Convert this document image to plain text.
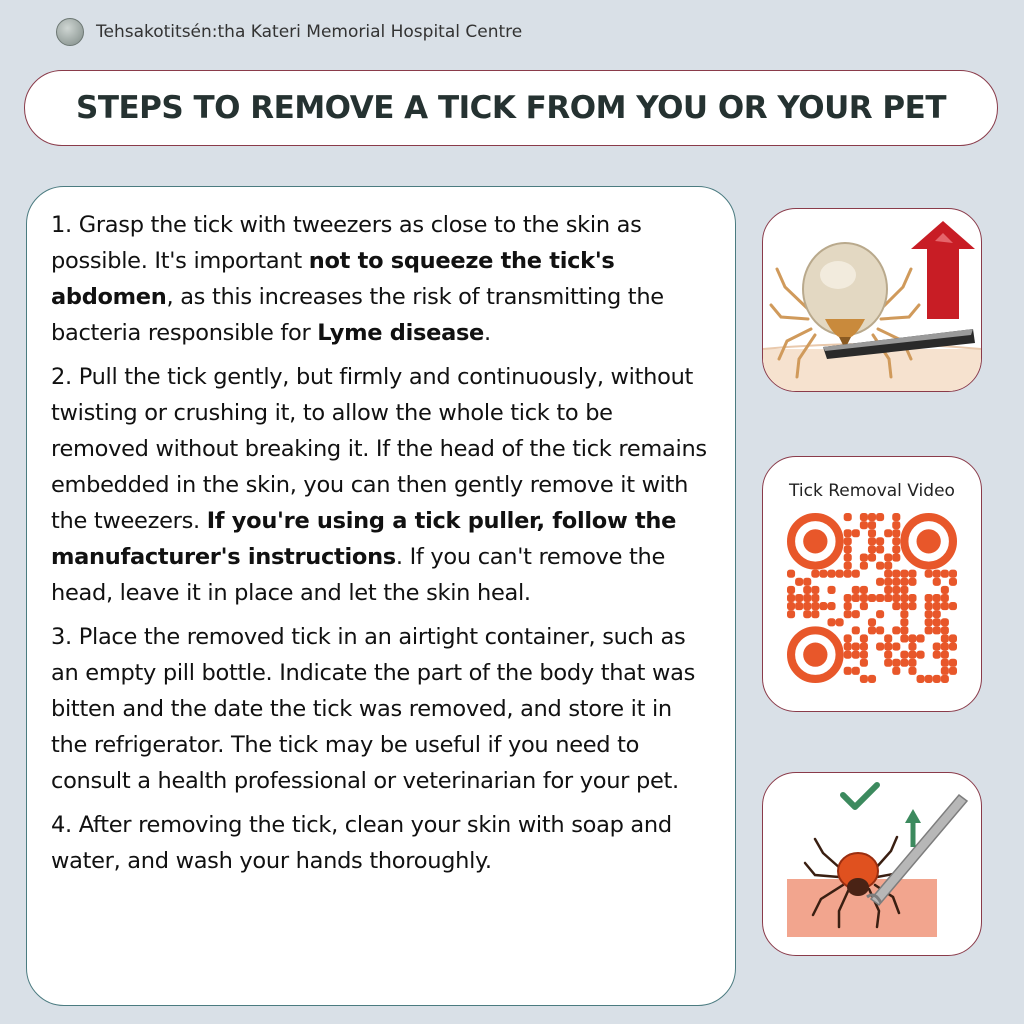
Tehsakotitsén:tha Kateri Memorial Hospital Centre
STEPS TO REMOVE A TICK FROM YOU OR YOUR PET

1. Grasp the tick with tweezers as close to the skin as possible. It's important not to squeeze the tick's abdomen, as this increases the risk of transmitting the bacteria responsible for Lyme disease.

2. Pull the tick gently, but firmly and continuously, without twisting or crushing it, to allow the whole tick to be removed without breaking it. If the head of the tick remains embedded in the skin, you can then gently remove it with the tweezers. If you're using a tick puller, follow the manufacturer's instructions. If you can't remove the head, leave it in place and let the skin heal.

3. Place the removed tick in an airtight container, such as an empty pill bottle. Indicate the part of the body that was bitten and the date the tick was removed, and store it in the refrigerator. The tick may be useful if you need to consult a health professional or veterinarian for your pet.

4. After removing the tick, clean your skin with soap and water, and wash your hands thoroughly.

Tick Removal Video
